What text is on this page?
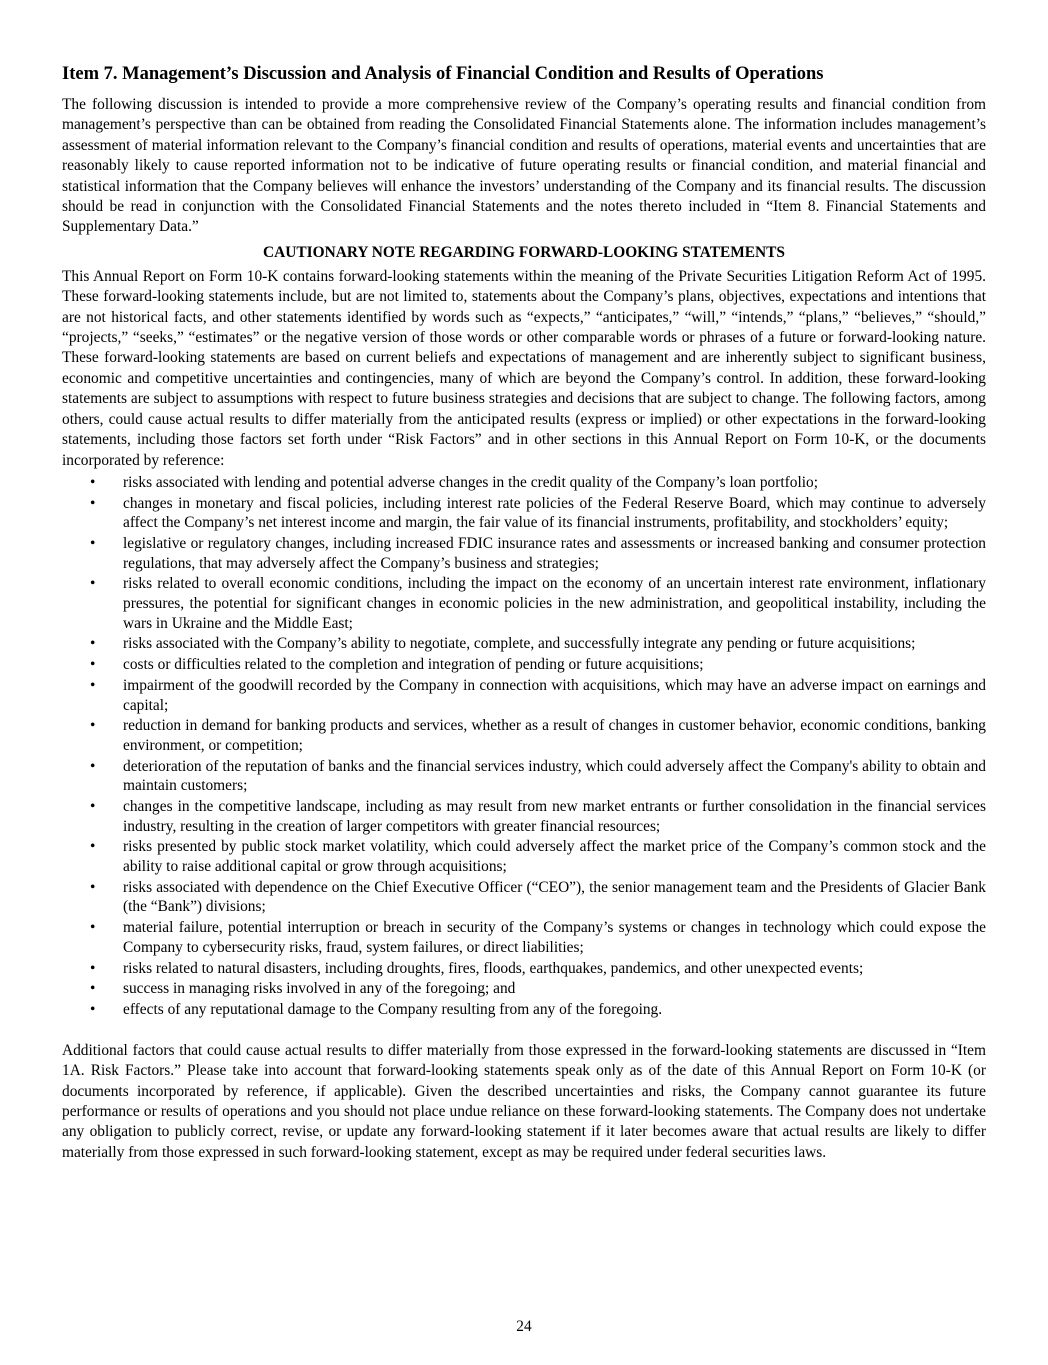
Item 7. Management’s Discussion and Analysis of Financial Condition and Results of Operations

The following discussion is intended to provide a more comprehensive review of the Company’s operating results and financial condition from management’s perspective than can be obtained from reading the Consolidated Financial Statements alone. The information includes management’s assessment of material information relevant to the Company’s financial condition and results of operations, material events and uncertainties that are reasonably likely to cause reported information not to be indicative of future operating results or financial condition, and material financial and statistical information that the Company believes will enhance the investors’ understanding of the Company and its financial results. The discussion should be read in conjunction with the Consolidated Financial Statements and the notes thereto included in “Item 8. Financial Statements and Supplementary Data.”

CAUTIONARY NOTE REGARDING FORWARD-LOOKING STATEMENTS

This Annual Report on Form 10-K contains forward-looking statements within the meaning of the Private Securities Litigation Reform Act of 1995. These forward-looking statements include, but are not limited to, statements about the Company’s plans, objectives, expectations and intentions that are not historical facts, and other statements identified by words such as “expects,” “anticipates,” “will,” “intends,” “plans,” “believes,” “should,” “projects,” “seeks,” “estimates” or the negative version of those words or other comparable words or phrases of a future or forward-looking nature. These forward-looking statements are based on current beliefs and expectations of management and are inherently subject to significant business, economic and competitive uncertainties and contingencies, many of which are beyond the Company’s control. In addition, these forward-looking statements are subject to assumptions with respect to future business strategies and decisions that are subject to change. The following factors, among others, could cause actual results to differ materially from the anticipated results (express or implied) or other expectations in the forward-looking statements, including those factors set forth under “Risk Factors” and in other sections in this Annual Report on Form 10-K, or the documents incorporated by reference:

• risks associated with lending and potential adverse changes in the credit quality of the Company’s loan portfolio;
• changes in monetary and fiscal policies, including interest rate policies of the Federal Reserve Board, which may continue to adversely affect the Company’s net interest income and margin, the fair value of its financial instruments, profitability, and stockholders’ equity;
• legislative or regulatory changes, including increased FDIC insurance rates and assessments or increased banking and consumer protection regulations, that may adversely affect the Company’s business and strategies;
• risks related to overall economic conditions, including the impact on the economy of an uncertain interest rate environment, inflationary pressures, the potential for significant changes in economic policies in the new administration, and geopolitical instability, including the wars in Ukraine and the Middle East;
• risks associated with the Company’s ability to negotiate, complete, and successfully integrate any pending or future acquisitions;
• costs or difficulties related to the completion and integration of pending or future acquisitions;
• impairment of the goodwill recorded by the Company in connection with acquisitions, which may have an adverse impact on earnings and capital;
• reduction in demand for banking products and services, whether as a result of changes in customer behavior, economic conditions, banking environment, or competition;
• deterioration of the reputation of banks and the financial services industry, which could adversely affect the Company's ability to obtain and maintain customers;
• changes in the competitive landscape, including as may result from new market entrants or further consolidation in the financial services industry, resulting in the creation of larger competitors with greater financial resources;
• risks presented by public stock market volatility, which could adversely affect the market price of the Company’s common stock and the ability to raise additional capital or grow through acquisitions;
• risks associated with dependence on the Chief Executive Officer (“CEO”), the senior management team and the Presidents of Glacier Bank (the “Bank”) divisions;
• material failure, potential interruption or breach in security of the Company’s systems or changes in technology which could expose the Company to cybersecurity risks, fraud, system failures, or direct liabilities;
• risks related to natural disasters, including droughts, fires, floods, earthquakes, pandemics, and other unexpected events;
• success in managing risks involved in any of the foregoing; and
• effects of any reputational damage to the Company resulting from any of the foregoing.

Additional factors that could cause actual results to differ materially from those expressed in the forward-looking statements are discussed in “Item 1A. Risk Factors.” Please take into account that forward-looking statements speak only as of the date of this Annual Report on Form 10-K (or documents incorporated by reference, if applicable). Given the described uncertainties and risks, the Company cannot guarantee its future performance or results of operations and you should not place undue reliance on these forward-looking statements. The Company does not undertake any obligation to publicly correct, revise, or update any forward-looking statement if it later becomes aware that actual results are likely to differ materially from those expressed in such forward-looking statement, except as may be required under federal securities laws.

24
